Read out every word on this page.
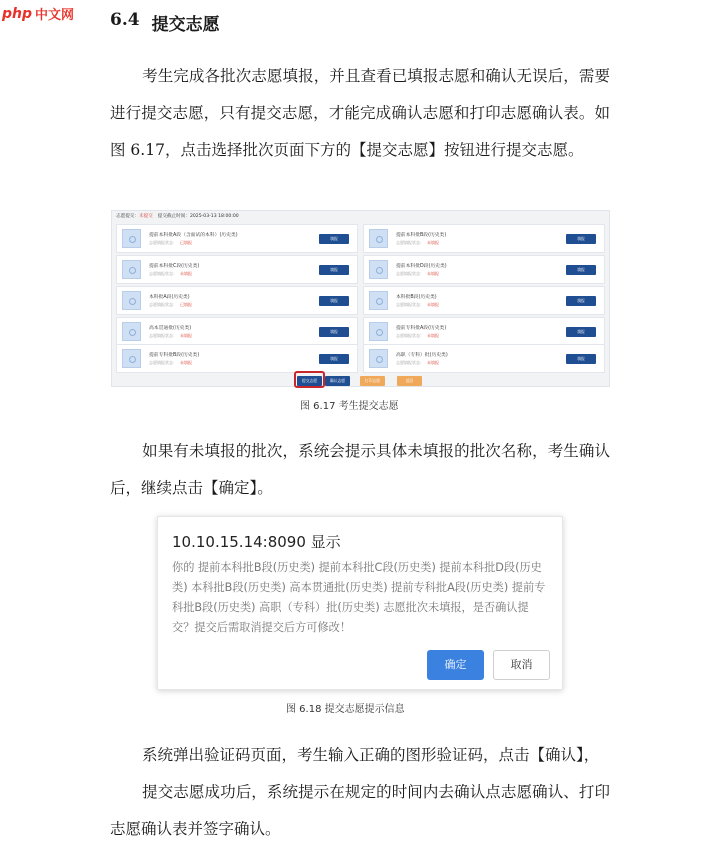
php 中文网 6.4 提交志愿
考生完成各批次志愿填报，并且查看已填报志愿和确认无误后，需要进行提交志愿，只有提交志愿，才能完成确认志愿和打印志愿确认表。如图 6.17，点击选择批次页面下方的【提交志愿】按钮进行提交志愿。
志愿提交：未提交 提交截止时间：2025-03-13 18:00:00
提前本科批A段（含面试的本科）(历史类)
志愿填报状态： 已填报
填报
提前本科批B段(历史类)
志愿填报状态： 未填报
填报
提前本科批C段(历史类)
志愿填报状态： 未填报
填报
提前本科批D段(历史类)
志愿填报状态： 未填报
填报
本科批A段(历史类)
志愿填报状态： 已填报
填报
本科批B段(历史类)
志愿填报状态： 未填报
填报
高本贯通批(历史类)
志愿填报状态： 未填报
填报
提前专科批A段(历史类)
志愿填报状态： 未填报
填报
提前专科批B段(历史类)
志愿填报状态： 未填报
填报
高职（专科）批(历史类)
志愿填报状态： 未填报
填报
提交志愿	确认志愿	打印志愿	返回
图 6.17 考生提交志愿
如果有未填报的批次，系统会提示具体未填报的批次名称，考生确认后，继续点击【确定】。
10.10.15.14:8090 显示
你的 提前本科批B段(历史类) 提前本科批C段(历史类) 提前本科批D段(历史类) 本科批B段(历史类) 高本贯通批(历史类) 提前专科批A段(历史类) 提前专科批B段(历史类) 高职（专科）批(历史类) 志愿批次未填报，是否确认提交？提交后需取消提交后方可修改！
确定	取消
图 6.18 提交志愿提示信息
系统弹出验证码页面，考生输入正确的图形验证码，点击【确认】，
提交志愿成功后，系统提示在规定的时间内去确认点志愿确认、打印志愿确认表并签字确认。
